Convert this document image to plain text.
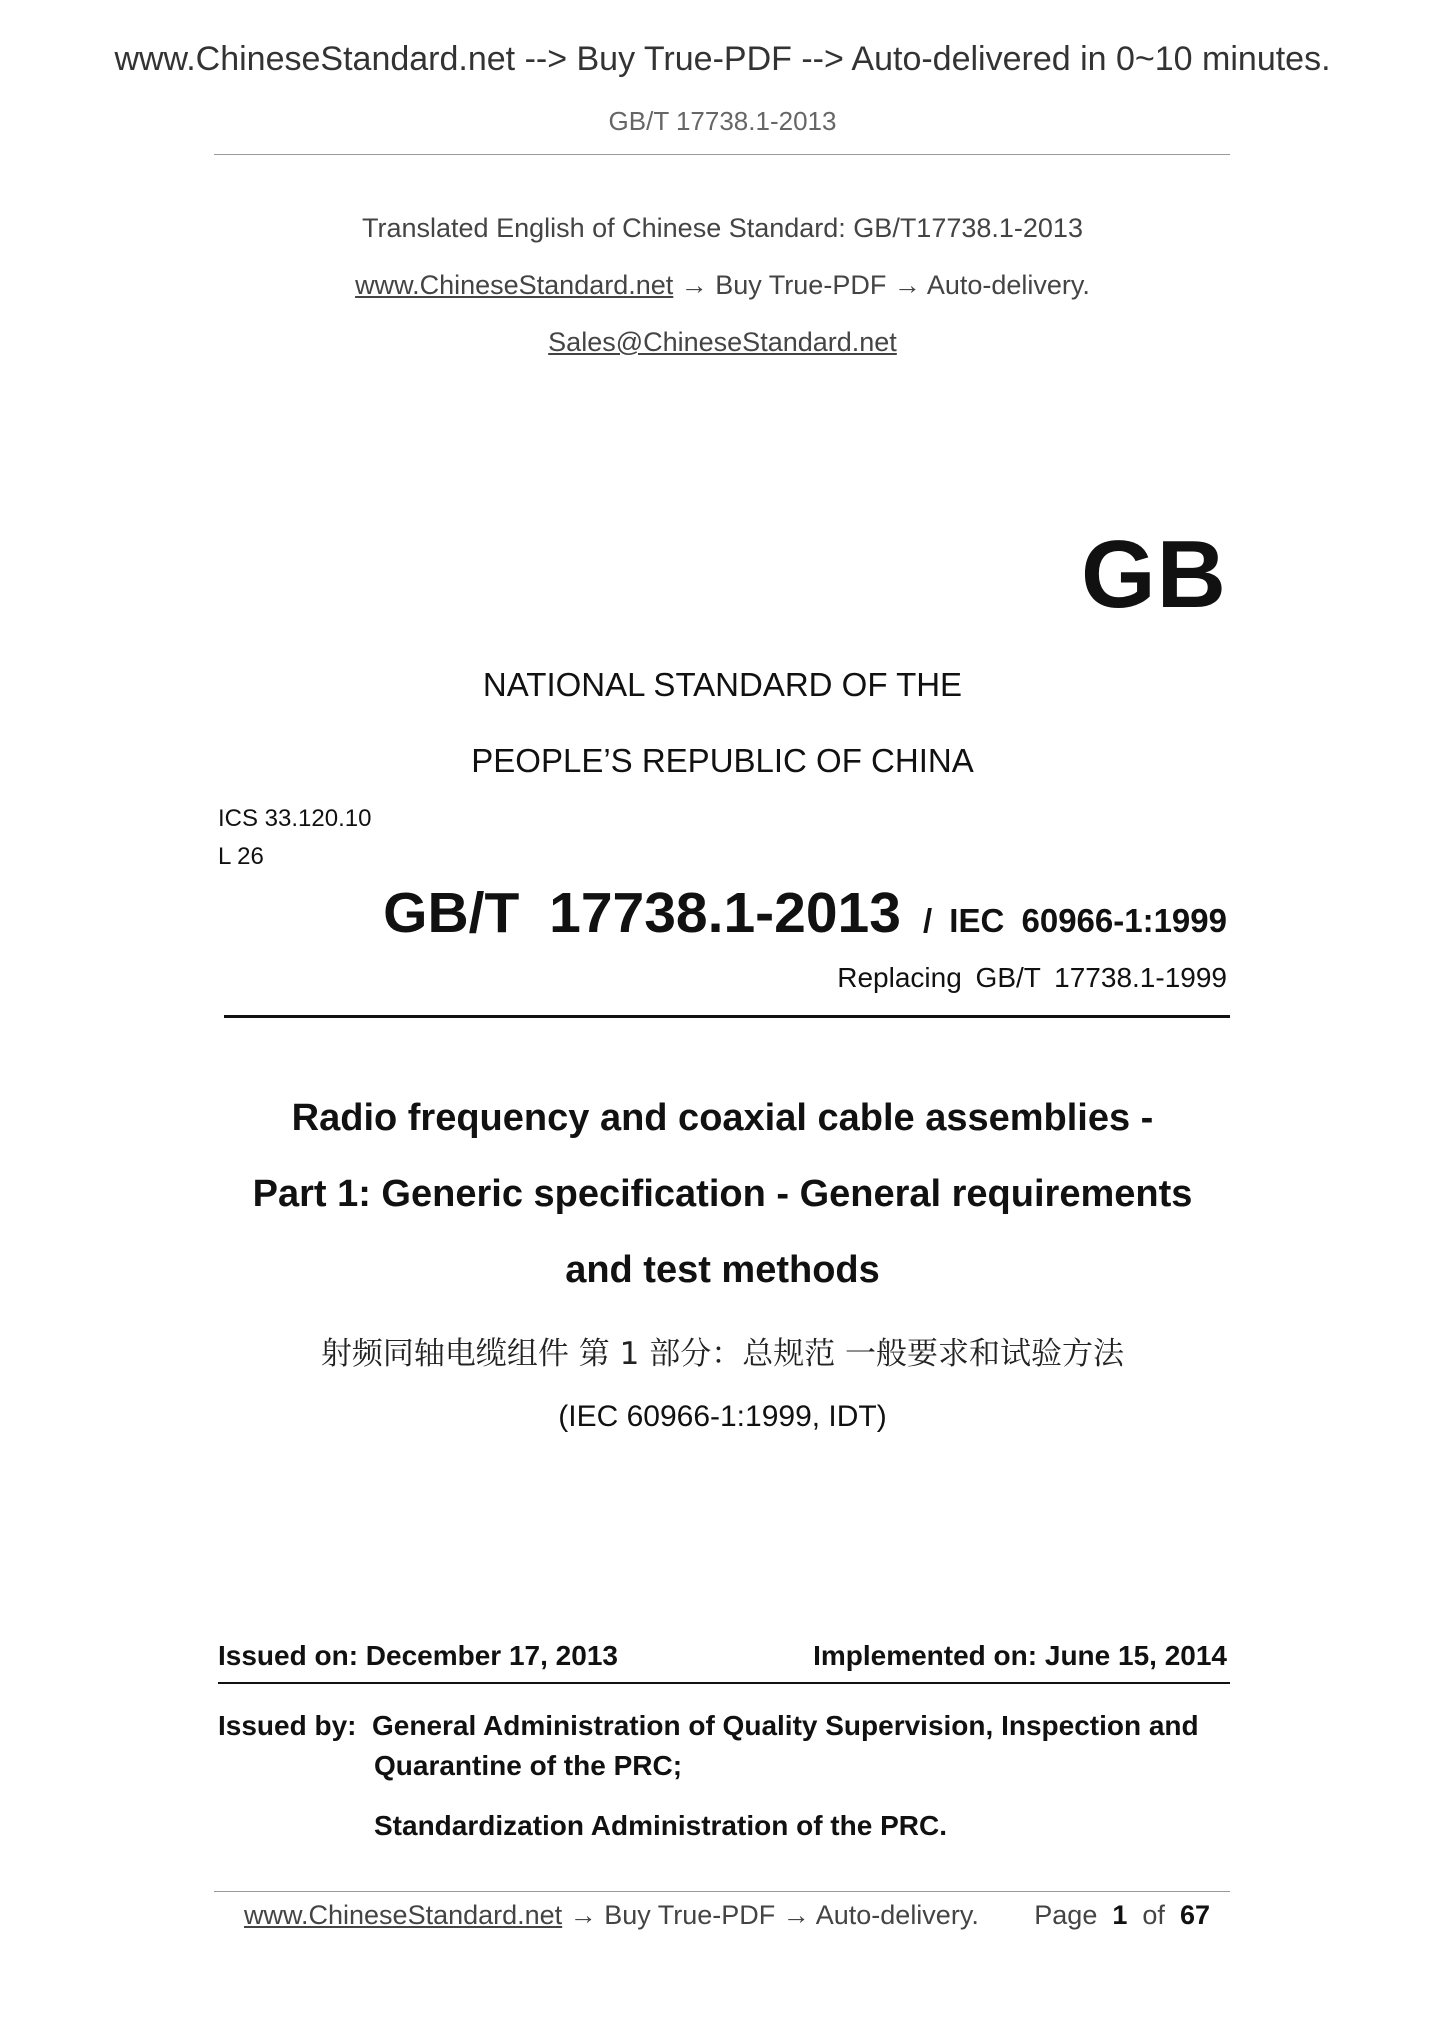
www.ChineseStandard.net --> Buy True-PDF --> Auto-delivered in 0~10 minutes.
GB/T 17738.1-2013
Translated English of Chinese Standard: GB/T17738.1-2013
www.ChineseStandard.net → Buy True-PDF → Auto-delivery.
Sales@ChineseStandard.net
GB
NATIONAL STANDARD OF THE
PEOPLE’S REPUBLIC OF CHINA
ICS 33.120.10
L 26
GB/T 17738.1-2013 / IEC 60966-1:1999
Replacing GB/T 17738.1-1999
Radio frequency and coaxial cable assemblies -
Part 1: Generic specification - General requirements
and test methods
射频同轴电缆组件 第 1 部分：总规范 一般要求和试验方法
(IEC 60966-1:1999, IDT)
Issued on: December 17, 2013	Implemented on: June 15, 2014
Issued by: General Administration of Quality Supervision, Inspection and
Quarantine of the PRC;
Standardization Administration of the PRC.
www.ChineseStandard.net → Buy True-PDF → Auto-delivery. Page 1 of 67
